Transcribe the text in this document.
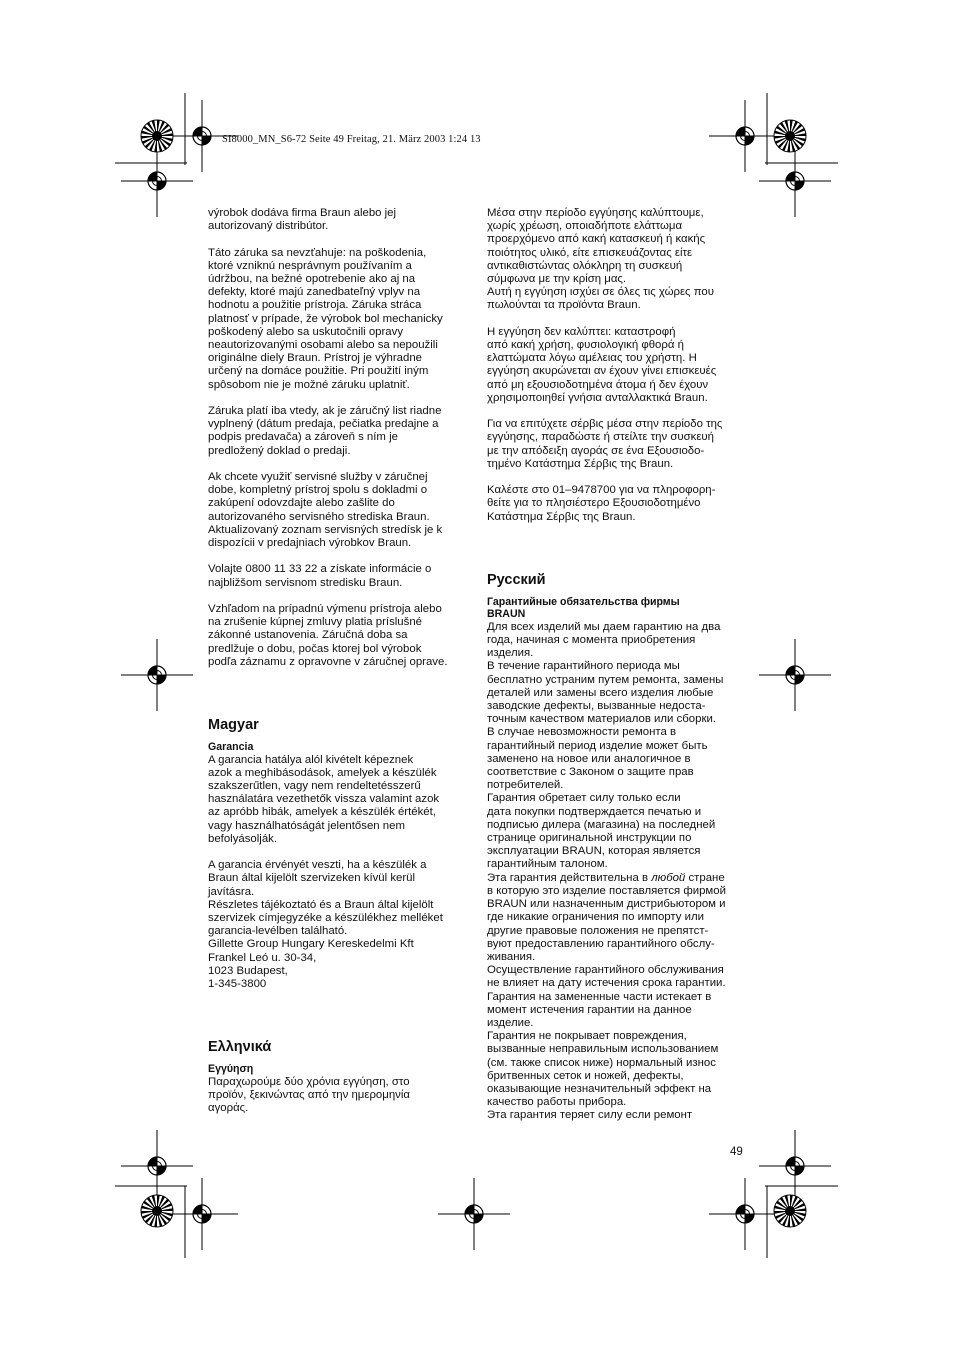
SI8000_MN_S6-72 Seite 49 Freitag, 21. März 2003 1:24 13

výrobok dodáva firma Braun alebo jej
autorizovaný distribútor.

Táto záruka sa nevzťahuje: na poškodenia,
ktoré vzniknú nesprávnym používaním a
údržbou, na bežné opotrebenie ako aj na
defekty, ktoré majú zanedbateľný vplyv na
hodnotu a použitie prístroja. Záruka stráca
platnosť v prípade, že výrobok bol mechanicky
poškodený alebo sa uskutočnili opravy
neautorizovanými osobami alebo sa nepoužili
originálne diely Braun. Prístroj je výhradne
určený na domáce použitie. Pri použití iným
spôsobom nie je možné záruku uplatniť.

Záruka platí iba vtedy, ak je záručný list riadne
vyplnený (dátum predaja, pečiatka predajne a
podpis predavača) a zároveň s ním je
predložený doklad o predaji.

Ak chcete využiť servisné služby v záručnej
dobe, kompletný prístroj spolu s dokladmi o
zakúpení odovzdajte alebo zašlite do
autorizovaného servisného strediska Braun.
Aktualizovaný zoznam servisných stredísk je k
dispozícii v predajniach výrobkov Braun.

Volajte 0800 11 33 22 a získate informácie o
najbližšom servisnom stredisku Braun.

Vzhľadom na prípadnú výmenu prístroja alebo
na zrušenie kúpnej zmluvy platia príslušné
zákonné ustanovenia. Záručná doba sa
predlžuje o dobu, počas ktorej bol výrobok
podľa záznamu z opravovne v záručnej oprave.

Magyar

Garancia

A garancia hatálya alól kivételt képeznek
azok a meghibásodások, amelyek a készülék
szakszerűtlen, vagy nem rendeltetésszerű
használatára vezethetők vissza valamint azok
az apróbb hibák, amelyek a készülék értékét,
vagy használhatóságát jelentősen nem
befolyásolják.

A garancia érvényét veszti, ha a készülék a
Braun által kijelölt szervizeken kívül kerül
javításra.
Részletes tájékoztató és a Braun által kijelölt
szervizek címjegyzéke a készülékhez melléket
garancia-levélben található.
Gillette Group Hungary Kereskedelmi Kft
Frankel Leó u. 30-34,
1023 Budapest,
1-345-3800

Ελληνικά

Εγγύηση

Παραχωρούμε δύο χρόνια εγγύηση, στο
προϊόν, ξεκινώντας από την ημερομηνία
αγοράς.

Μέσα στην περίοδο εγγύησης καλύπτουμε,
χωρίς χρέωση, οποιαδήποτε ελάττωμα
προερχόμενο από κακή κατασκευή ή κακής
ποιότητος υλικό, είτε επισκευάζοντας είτε
αντικαθιστώντας ολόκληρη τη συσκευή
σύμφωνα με την κρίση μας.
Αυτή η εγγύηση ισχύει σε όλες τις χώρες που
πωλούνται τα προϊόντα Braun.

Η εγγύηση δεν καλύπτει: καταστροφή
από κακή χρήση, φυσιολογική φθορά ή
ελαττώματα λόγω αμέλειας του χρήστη. Η
εγγύηση ακυρώνεται αν έχουν γίνει επισκευές
από μη εξουσιοδοτημένα άτομα ή δεν έχουν
χρησιμοποιηθεί γνήσια ανταλλακτικά Braun.

Για να επιτύχετε σέρβις μέσα στην περίοδο της
εγγύησης, παραδώστε ή στείλτε την συσκευή
με την απόδειξη αγοράς σε ένα Εξουσιοδο-
τημένο Κατάστημα Σέρβις της Braun.

Καλέστε στο 01–9478700 για να πληροφορη-
θείτε για το πλησιέστερο Εξουσιοδοτημένο
Κατάστημα Σέρβις της Braun.

Русский

Гарантийные обязательства фирмы
BRAUN

Для всех изделий мы даем гарантию на два
года, начиная с момента приобретения
изделия.
В течение гарантийного периода мы
бесплатно устраним путем ремонта, замены
деталей или замены всего изделия любые
заводские дефекты, вызванные недоста-
точным качеством материалов или сборки.
В случае невозможности ремонта в
гарантийный период изделие может быть
заменено на новое или аналогичное в
соответствие с Законом о защите прав
потребителей.
Гарантия обретает силу только если
дата покупки подтверждается печатью и
подписью дилера (магазина) на последней
странице оригинальной инструкции по
эксплуатации BRAUN, которая является
гарантийным талоном.

Эта гарантия действительна в любой стране

в которую это изделие поставляется фирмой
BRAUN или назначенным дистрибьютором и
где никакие ограничения по импорту или
другие правовые положения не препятст-
вуют предоставлению гарантийного обслу-
живания.
Осуществление гарантийного обслуживания
не влияет на дату истечения срока гарантии.
Гарантия на замененные части истекает в
момент истечения гарантии на данное
изделие.
Гарантия не покрывает повреждения,
вызванные неправильным использованием
(см. также список ниже) нормальный износ
бритвенных сеток и ножей, дефекты,
оказывающие незначительный эффект на
качество работы прибора.
Эта гарантия теряет силу если ремонт

49
